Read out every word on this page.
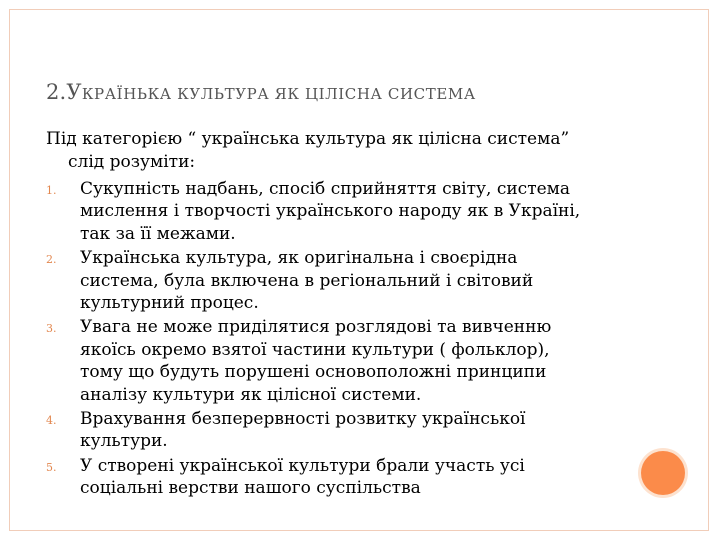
2.УКРАЇНЬКА КУЛЬТУРА ЯК ЦІЛІСНА СИСТЕМА
Під категорією “ українська культура як цілісна система”
слід розуміти:
1. Сукупність надбань, спосіб сприйняття світу, система
мислення і творчості українського народу як в Україні,
так за її межами.
2. Українська культура, як оригінальна і своєрідна
система, була включена в регіональний і світовий
культурний процес.
3. Увага не може приділятися розглядові та вивченню
якоїсь окремо взятої частини культури ( фольклор),
тому що будуть порушені основоположні принципи
аналізу культури як цілісної системи.
4. Врахування безперервності розвитку української
культури.
5. У створені української культури брали участь усі
соціальні верстви нашого суспільства
